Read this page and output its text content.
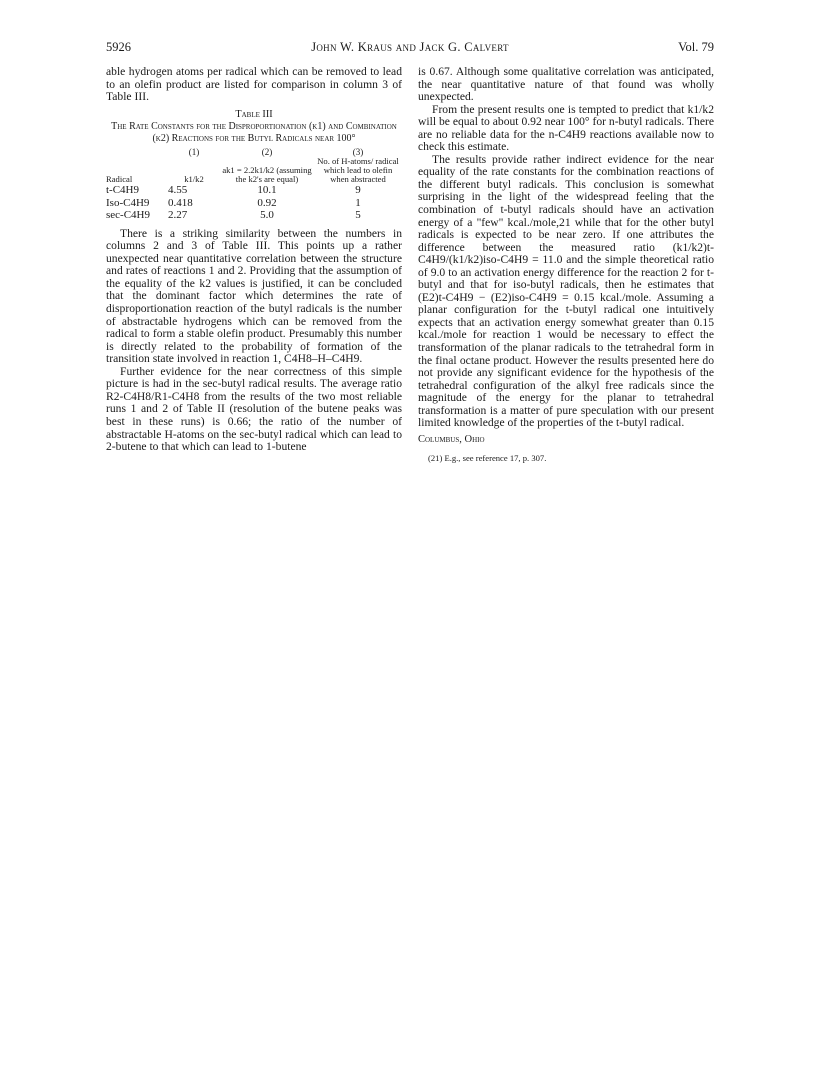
5926	John W. Kraus and Jack G. Calvert	Vol. 79

able hydrogen atoms per radical which can be removed to lead to an olefin product are listed for comparison in column 3 of Table III.

Table III
The Rate Constants for the Disproportionation (k1) and Combination (k2) Reactions for the Butyl Radicals near 100°
	(1)	(2)	(3)
Radical	k1/k2	ak1 = 2.2k1/k2 (assuming the k2's are equal)	No. of H-atoms/ radical which lead to olefin when abstracted
t-C4H9	4.55	10.1	9
Iso-C4H9	0.418	0.92	1
sec-C4H9	2.27	5.0	5

There is a striking similarity between the numbers in columns 2 and 3 of Table III. This points up a rather unexpected near quantitative correlation between the structure and rates of reactions 1 and 2. Providing that the assumption of the equality of the k2 values is justified, it can be concluded that the dominant factor which determines the rate of disproportionation reaction of the butyl radicals is the number of abstractable hydrogens which can be removed from the radical to form a stable olefin product. Presumably this number is directly related to the probability of formation of the transition state involved in reaction 1, C4H8–H–C4H9.

Further evidence for the near correctness of this simple picture is had in the sec-butyl radical results. The average ratio R2-C4H8/R1-C4H8 from the results of the two most reliable runs 1 and 2 of Table II (resolution of the butene peaks was best in these runs) is 0.66; the ratio of the number of abstractable H-atoms on the sec-butyl radical which can lead to 2-butene to that which can lead to 1-butene

is 0.67. Although some qualitative correlation was anticipated, the near quantitative nature of that found was wholly unexpected.

From the present results one is tempted to predict that k1/k2 will be equal to about 0.92 near 100° for n-butyl radicals. There are no reliable data for the n-C4H9 reactions available now to check this estimate.

The results provide rather indirect evidence for the near equality of the rate constants for the combination reactions of the different butyl radicals. This conclusion is somewhat surprising in the light of the widespread feeling that the combination of t-butyl radicals should have an activation energy of a "few" kcal./mole,21 while that for the other butyl radicals is expected to be near zero. If one attributes the difference between the measured ratio (k1/k2)t-C4H9/(k1/k2)iso-C4H9 = 11.0 and the simple theoretical ratio of 9.0 to an activation energy difference for the reaction 2 for t-butyl and that for iso-butyl radicals, then he estimates that (E2)t-C4H9 − (E2)iso-C4H9 = 0.15 kcal./mole. Assuming a planar configuration for the t-butyl radical one intuitively expects that an activation energy somewhat greater than 0.15 kcal./mole for reaction 1 would be necessary to effect the transformation of the planar radicals to the tetrahedral form in the final octane product. However the results presented here do not provide any significant evidence for the hypothesis of the tetrahedral configuration of the alkyl free radicals since the magnitude of the energy for the planar to tetrahedral transformation is a matter of pure speculation with our present limited knowledge of the properties of the t-butyl radical.

Columbus, Ohio
(21) E.g., see reference 17, p. 307.
